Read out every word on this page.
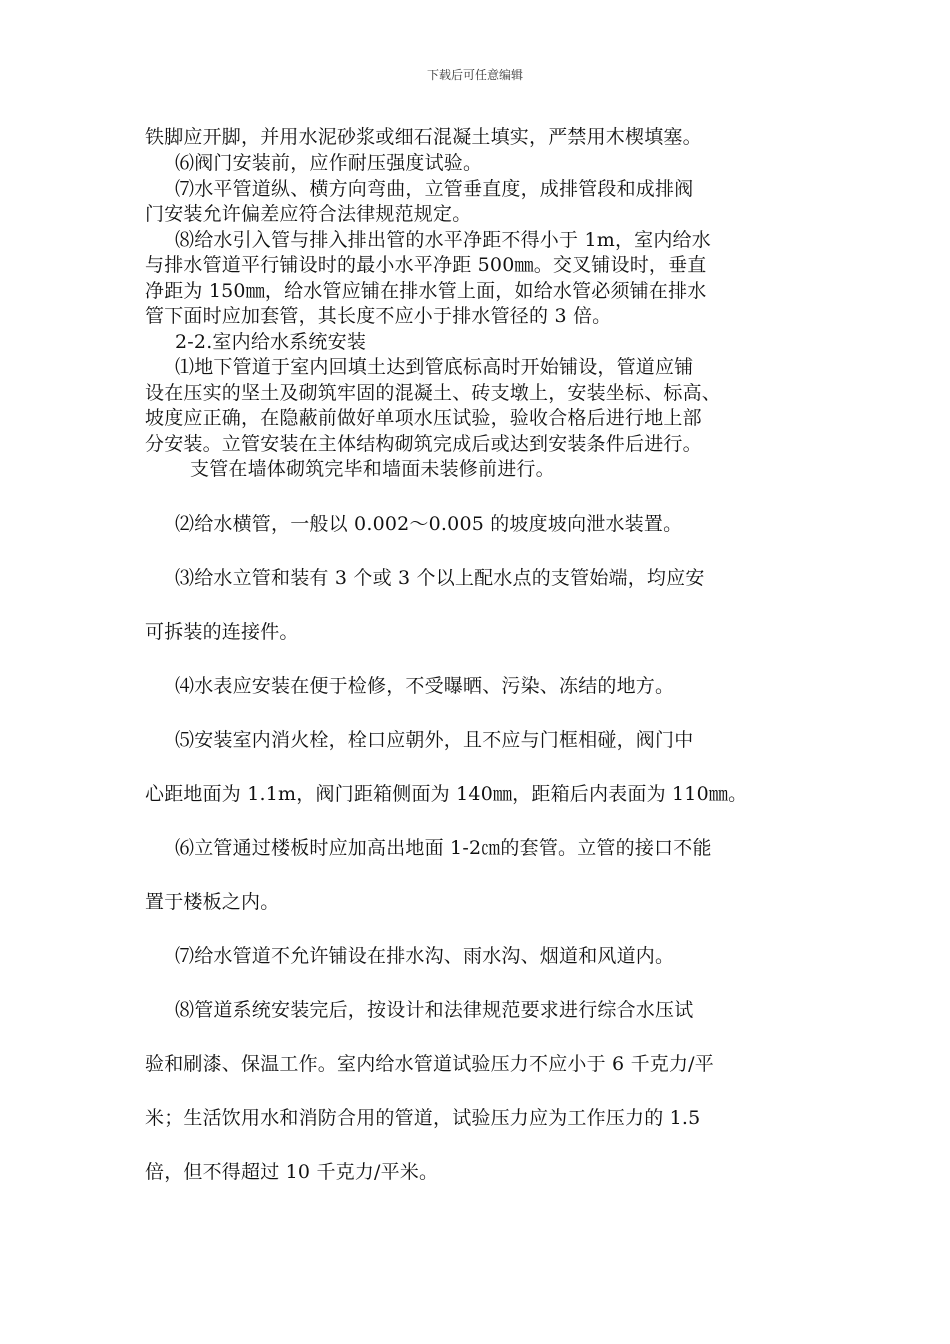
下载后可任意编辑
铁脚应开脚，并用水泥砂浆或细石混凝土填实，严禁用木楔填塞。
⑹阀门安装前，应作耐压强度试验。
⑺水平管道纵、横方向弯曲，立管垂直度，成排管段和成排阀
门安装允许偏差应符合法律规范规定。
⑻给水引入管与排入排出管的水平净距不得小于 1m，室内给水
与排水管道平行铺设时的最小水平净距 500㎜。交叉铺设时，垂直
净距为 150㎜，给水管应铺在排水管上面，如给水管必须铺在排水
管下面时应加套管，其长度不应小于排水管径的 3 倍。
2-2.室内给水系统安装
⑴地下管道于室内回填土达到管底标高时开始铺设，管道应铺
设在压实的坚土及砌筑牢固的混凝土、砖支墩上，安装坐标、标高、
坡度应正确，在隐蔽前做好单项水压试验，验收合格后进行地上部
分安装。立管安装在主体结构砌筑完成后或达到安装条件后进行。
支管在墙体砌筑完毕和墙面未装修前进行。
⑵给水横管，一般以 0.002～0.005 的坡度坡向泄水装置。
⑶给水立管和装有 3 个或 3 个以上配水点的支管始端，均应安
可拆装的连接件。
⑷水表应安装在便于检修，不受曝晒、污染、冻结的地方。
⑸安装室内消火栓，栓口应朝外，且不应与门框相碰，阀门中
心距地面为 1.1m，阀门距箱侧面为 140㎜，距箱后内表面为 110㎜。
⑹立管通过楼板时应加高出地面 1-2㎝的套管。立管的接口不能
置于楼板之内。
⑺给水管道不允许铺设在排水沟、雨水沟、烟道和风道内。
⑻管道系统安装完后，按设计和法律规范要求进行综合水压试
验和刷漆、保温工作。室内给水管道试验压力不应小于 6 千克力/平
米；生活饮用水和消防合用的管道，试验压力应为工作压力的 1.5
倍，但不得超过 10 千克力/平米。
